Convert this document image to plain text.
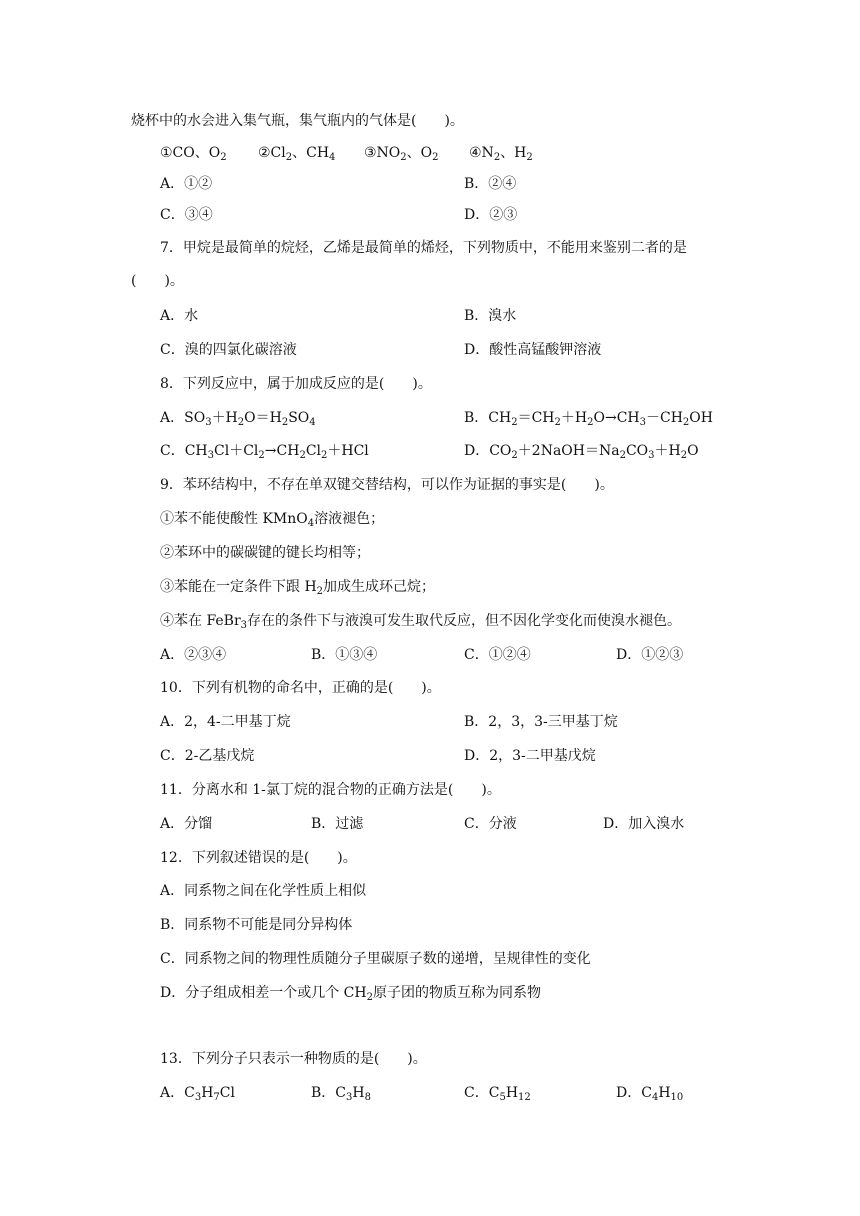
烧杯中的水会进入集气瓶，集气瓶内的气体是(　　)。
①CO、$O_2$ $②Cl_2$、$CH_4$ $③NO_2$、$O_2$ $④N_2$、$H_2$
A．①②	B．②④
C．③④	D．②③
7．甲烷是最简单的烷烃，乙烯是最简单的烯烃，下列物质中，不能用来鉴别二者的是
(　　)。
A．水	B．溴水
C．溴的四氯化碳溶液	D．酸性高锰酸钾溶液
8．下列反应中，属于加成反应的是(　　)。
A．$SO_3+H_2O=H_2SO_4$	B．$CH_2=CH_2+H_2O\to CH_3-CH_2OH$
C．$CH_3Cl+Cl_2\to CH_2Cl_2+HCl$	D．$CO_2+2NaOH=Na_2CO_3+H_2O$
9．苯环结构中，不存在单双键交替结构，可以作为证据的事实是(　　)。
①苯不能使酸性 KMnO$_4$溶液褪色；
②苯环中的碳碳键的键长均相等；
③苯能在一定条件下跟 $H_2$加成生成环己烷；
④苯在 FeBr$_3$存在的条件下与液溴可发生取代反应，但不因化学变化而使溴水褪色。
A．②③④	B．①③④	C．①②④	D．①②③
10．下列有机物的命名中，正确的是(　　)。
A．2，4-二甲基丁烷	B．2，3，3-三甲基丁烷
C．2-乙基戊烷	D．2，3-二甲基戊烷
11．分离水和 1-氯丁烷的混合物的正确方法是(　　)。
A．分馏	B．过滤	C．分液	D．加入溴水
12．下列叙述错误的是(　　)。
A．同系物之间在化学性质上相似
B．同系物不可能是同分异构体
C．同系物之间的物理性质随分子里碳原子数的递增，呈规律性的变化
D．分子组成相差一个或几个 $CH_2$原子团的物质互称为同系物
13．下列分子只表示一种物质的是(　　)。
A．$C_3H_7Cl$	B．$C_3H_8$	C．$C_5H_{12}$	D．$C_4H_{10}$
